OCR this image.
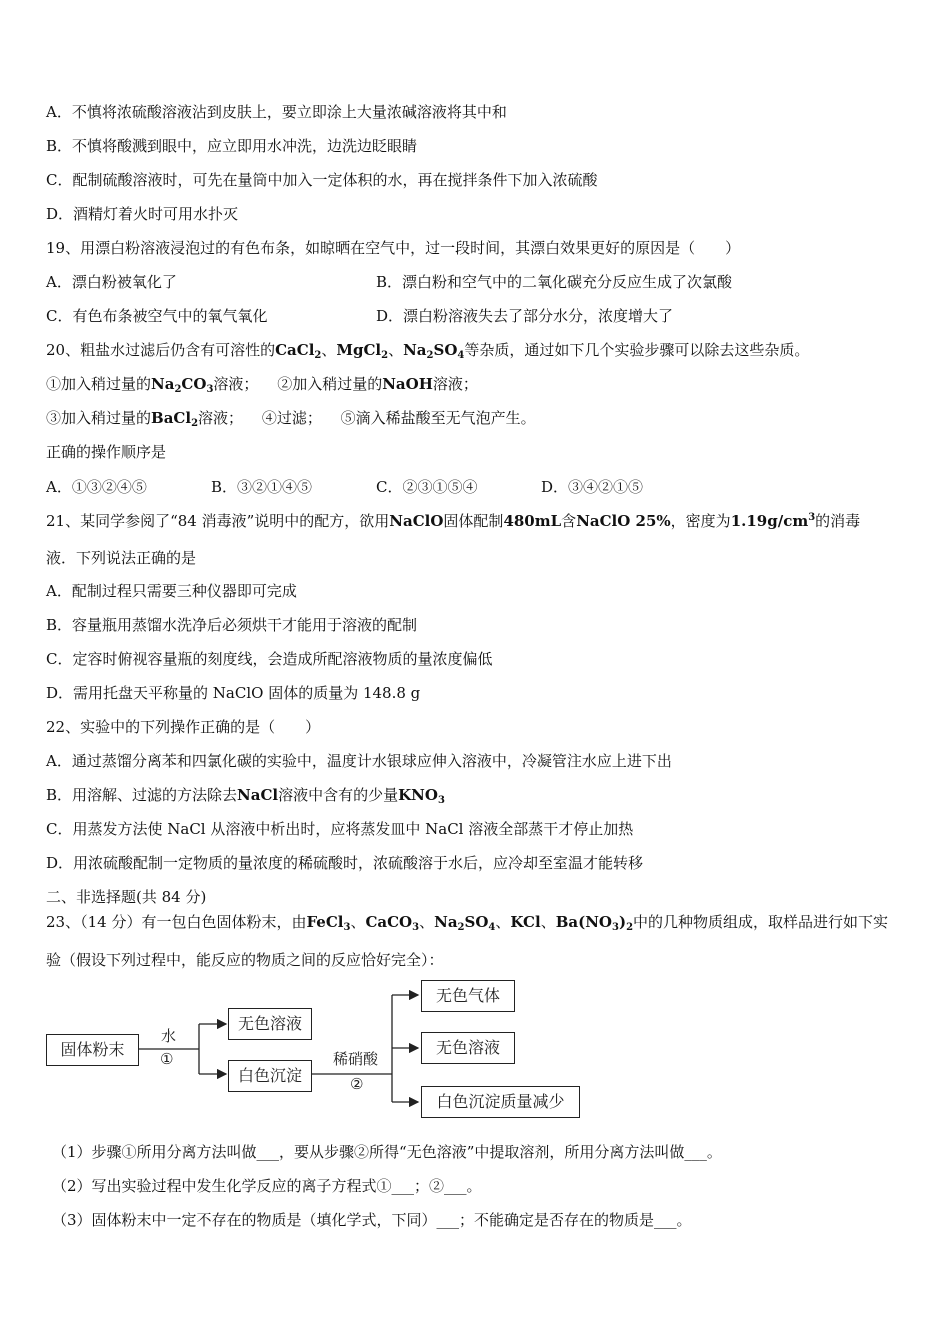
A．不慎将浓硫酸溶液沾到皮肤上，要立即涂上大量浓碱溶液将其中和
B．不慎将酸溅到眼中，应立即用水冲洗，边洗边眨眼睛
C．配制硫酸溶液时，可先在量筒中加入一定体积的水，再在搅拌条件下加入浓硫酸
D．酒精灯着火时可用水扑灭
19、用漂白粉溶液浸泡过的有色布条，如晾晒在空气中，过一段时间，其漂白效果更好的原因是（　　）
A．漂白粉被氧化了	B．漂白粉和空气中的二氧化碳充分反应生成了次氯酸
C．有色布条被空气中的氧气氧化	D．漂白粉溶液失去了部分水分，浓度增大了
20、粗盐水过滤后仍含有可溶性的CaCl$_2$、MgCl$_2$、$Na_2SO_4$等杂质，通过如下几个实验步骤可以除去这些杂质。
①加入稍过量的$Na_2CO_3$溶液； ②加入稍过量的NaOH溶液；
③加入稍过量的BaCl$_2$溶液； ④过滤； ⑤滴入稀盐酸至无气泡产生。
正确的操作顺序是
A．①③②④⑤	B．③②①④⑤	C．②③①⑤④	D．③④②①⑤
21、某同学参阅了“84 消毒液”说明中的配方，欲用NaClO固体配制480mL含NaClO 25%，密度为$1.19g/cm^3$的消毒
液．下列说法正确的是
A．配制过程只需要三种仪器即可完成
B．容量瓶用蒸馏水洗净后必须烘干才能用于溶液的配制
C．定容时俯视容量瓶的刻度线，会造成所配溶液物质的量浓度偏低
D．需用托盘天平称量的 NaClO 固体的质量为 148.8 g
22、实验中的下列操作正确的是（　　）
A．通过蒸馏分离苯和四氯化碳的实验中，温度计水银球应伸入溶液中，冷凝管注水应上进下出
B．用溶解、过滤的方法除去NaCl溶液中含有的少量$KNO_3$
C．用蒸发方法使 NaCl 从溶液中析出时，应将蒸发皿中 NaCl 溶液全部蒸干才停止加热
D．用浓硫酸配制一定物质的量浓度的稀硫酸时，浓硫酸溶于水后，应冷却至室温才能转移
二、非选择题(共 84 分)
23、（14 分）有一包白色固体粉末，由FeCl$_3$、CaCO$_3$、$Na_2SO_4$、KCl、$Ba(NO_3)_2$中的几种物质组成，取样品进行如下实
验（假设下列过程中，能反应的物质之间的反应恰好完全）：
固体粉末
水
①
无色溶液
白色沉淀
稀硝酸
②
无色气体
无色溶液
白色沉淀质量减少
（1）步骤①所用分离方法叫做___，要从步骤②所得“无色溶液”中提取溶剂，所用分离方法叫做___。
（2）写出实验过程中发生化学反应的离子方程式①___；②___。
（3）固体粉末中一定不存在的物质是（填化学式，下同）___；不能确定是否存在的物质是___。
